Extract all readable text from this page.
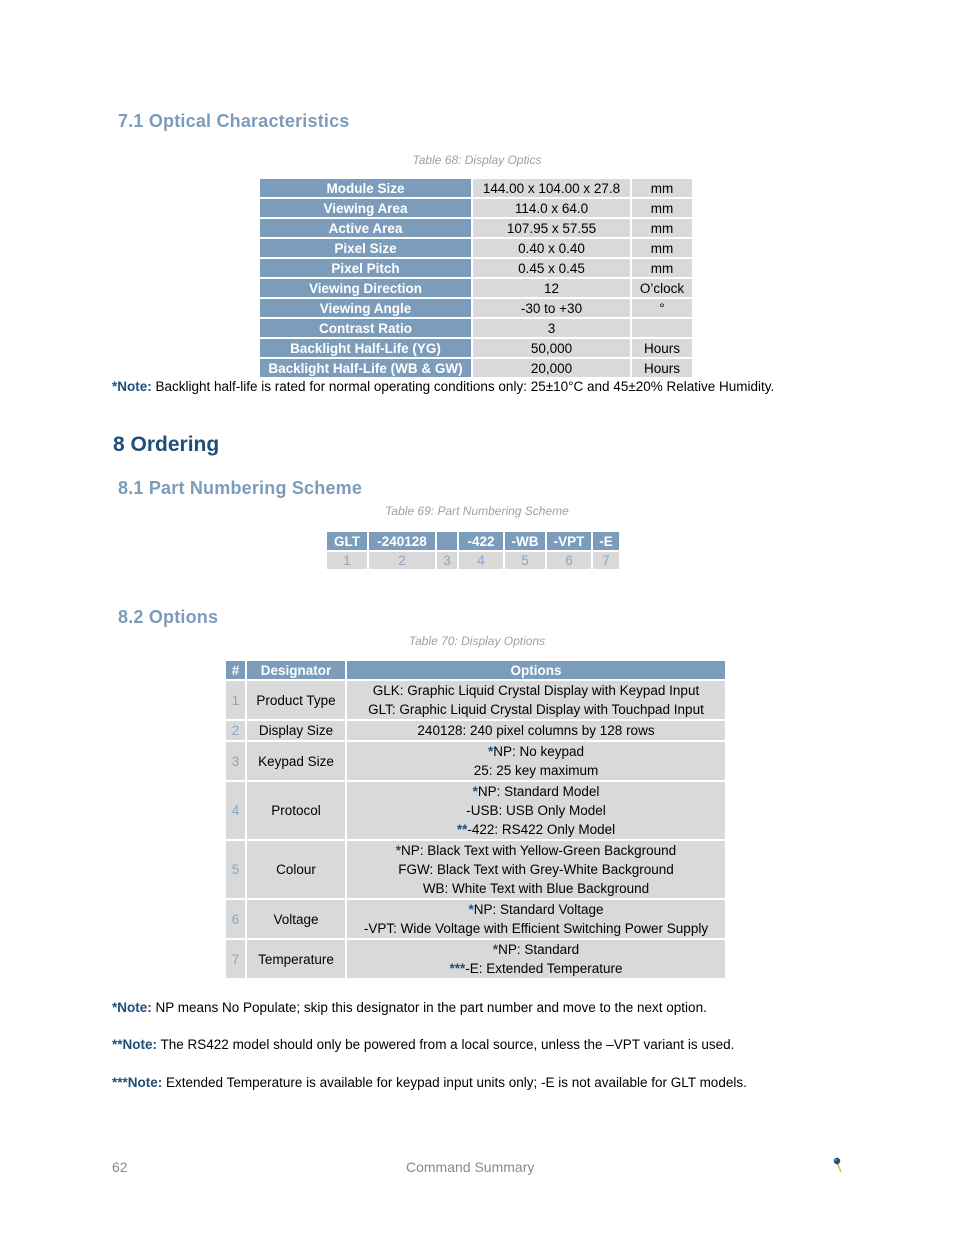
7.1 Optical Characteristics
Table 68: Display Optics
Module Size	144.00 x 104.00 x 27.8	mm
Viewing Area	114.0 x 64.0	mm
Active Area	107.95 x 57.55	mm
Pixel Size	0.40 x 0.40	mm
Pixel Pitch	0.45 x 0.45	mm
Viewing Direction	12	O’clock
Viewing Angle	-30 to +30	°
Contrast Ratio	3	
Backlight Half-Life (YG)	50,000	Hours
Backlight Half-Life (WB & GW)	20,000	Hours
*Note: Backlight half-life is rated for normal operating conditions only: 25±10°C and 45±20% Relative Humidity.
8 Ordering
8.1 Part Numbering Scheme
Table 69: Part Numbering Scheme
GLT	-240128		-422	-WB	-VPT	-E
1	2	3	4	5	6	7
8.2 Options
Table 70: Display Options
#	Designator	Options
1	Product Type	GLK: Graphic Liquid Crystal Display with Keypad Input
GLT: Graphic Liquid Crystal Display with Touchpad Input

2	Display Size	240128: 240 pixel columns by 128 rows

3	Keypad Size	*NP: No keypad
25: 25 key maximum

4	Protocol	*NP: Standard Model
-USB: USB Only Model
**-422: RS422 Only Model

5	Colour	*NP: Black Text with Yellow-Green Background
FGW: Black Text with Grey-White Background
WB: White Text with Blue Background

6	Voltage	*NP: Standard Voltage
-VPT: Wide Voltage with Efficient Switching Power Supply

7	Temperature	*NP: Standard
***-E: Extended Temperature
*Note: NP means No Populate; skip this designator in the part number and move to the next option.
**Note: The RS422 model should only be powered from a local source, unless the –VPT variant is used.
***Note: Extended Temperature is available for keypad input units only; -E is not available for GLT models.
62	Command Summary
